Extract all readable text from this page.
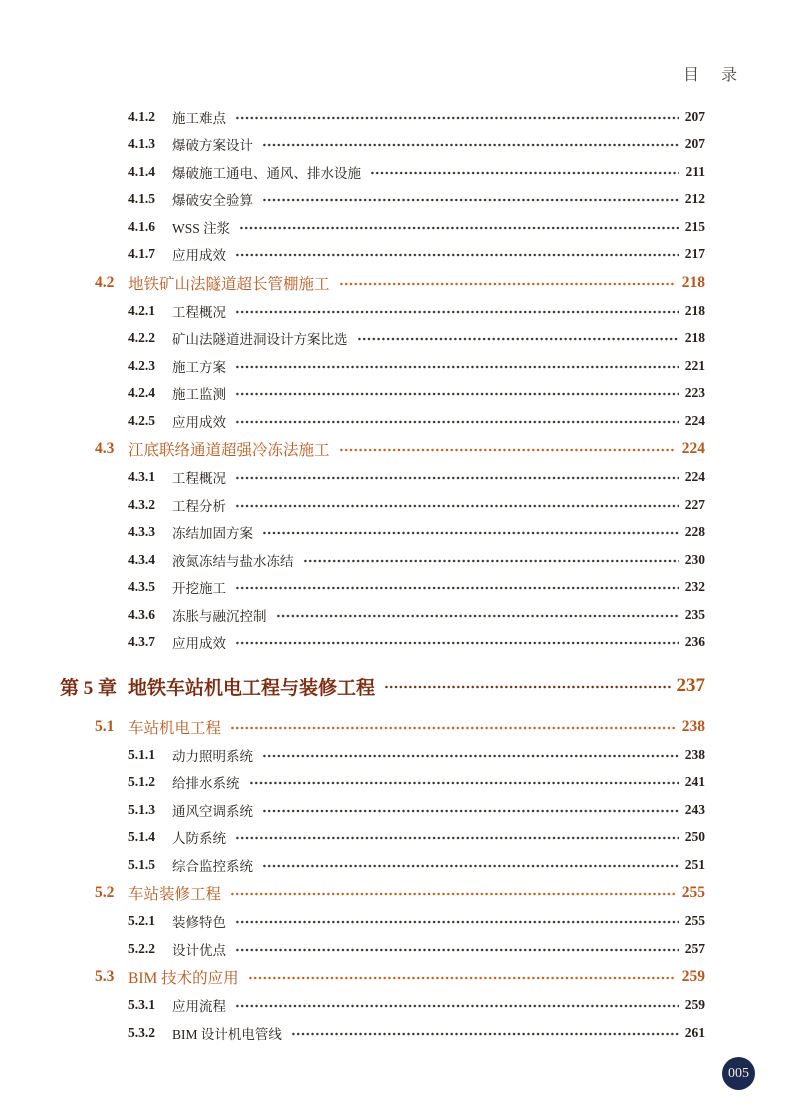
目　录
4.1.2	施工难点	207
4.1.3	爆破方案设计	207
4.1.4	爆破施工通电、通风、排水设施	211
4.1.5	爆破安全验算	212
4.1.6	WSS 注浆	215
4.1.7	应用成效	217
4.2 地铁矿山法隧道超长管棚施工	218
4.2.1	工程概况	218
4.2.2	矿山法隧道进洞设计方案比选	218
4.2.3	施工方案	221
4.2.4	施工监测	223
4.2.5	应用成效	224
4.3 江底联络通道超强冷冻法施工	224
4.3.1	工程概况	224
4.3.2	工程分析	227
4.3.3	冻结加固方案	228
4.3.4	液氮冻结与盐水冻结	230
4.3.5	开挖施工	232
4.3.6	冻胀与融沉控制	235
4.3.7	应用成效	236
第 5 章 地铁车站机电工程与装修工程	237
5.1 车站机电工程	238
5.1.1	动力照明系统	238
5.1.2	给排水系统	241
5.1.3	通风空调系统	243
5.1.4	人防系统	250
5.1.5	综合监控系统	251
5.2 车站装修工程	255
5.2.1	装修特色	255
5.2.2	设计优点	257
5.3 BIM 技术的应用	259
5.3.1	应用流程	259
5.3.2	BIM 设计机电管线	261
005
